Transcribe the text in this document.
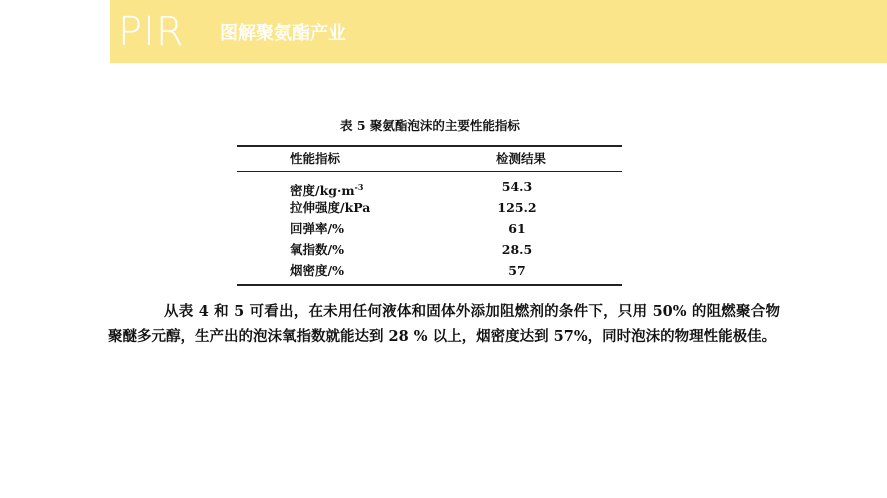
PIR 图解聚氨酯产业
表 5 聚氨酯泡沫的主要性能指标
性能指标	检测结果
密度$/kg\cdot m^{-3}$	54.3
拉伸强度/kPa	125.2
回弹率/%	61
氧指数/%	28.5
烟密度/%	57

从表 4 和 5 可看出，在未用任何液体和固体外添加阻燃剂的条件下，只用 50% 的阻燃聚合物聚醚多元醇，生产出的泡沫氧指数就能达到 28 % 以上，烟密度达到 57%，同时泡沫的物理性能极佳。
